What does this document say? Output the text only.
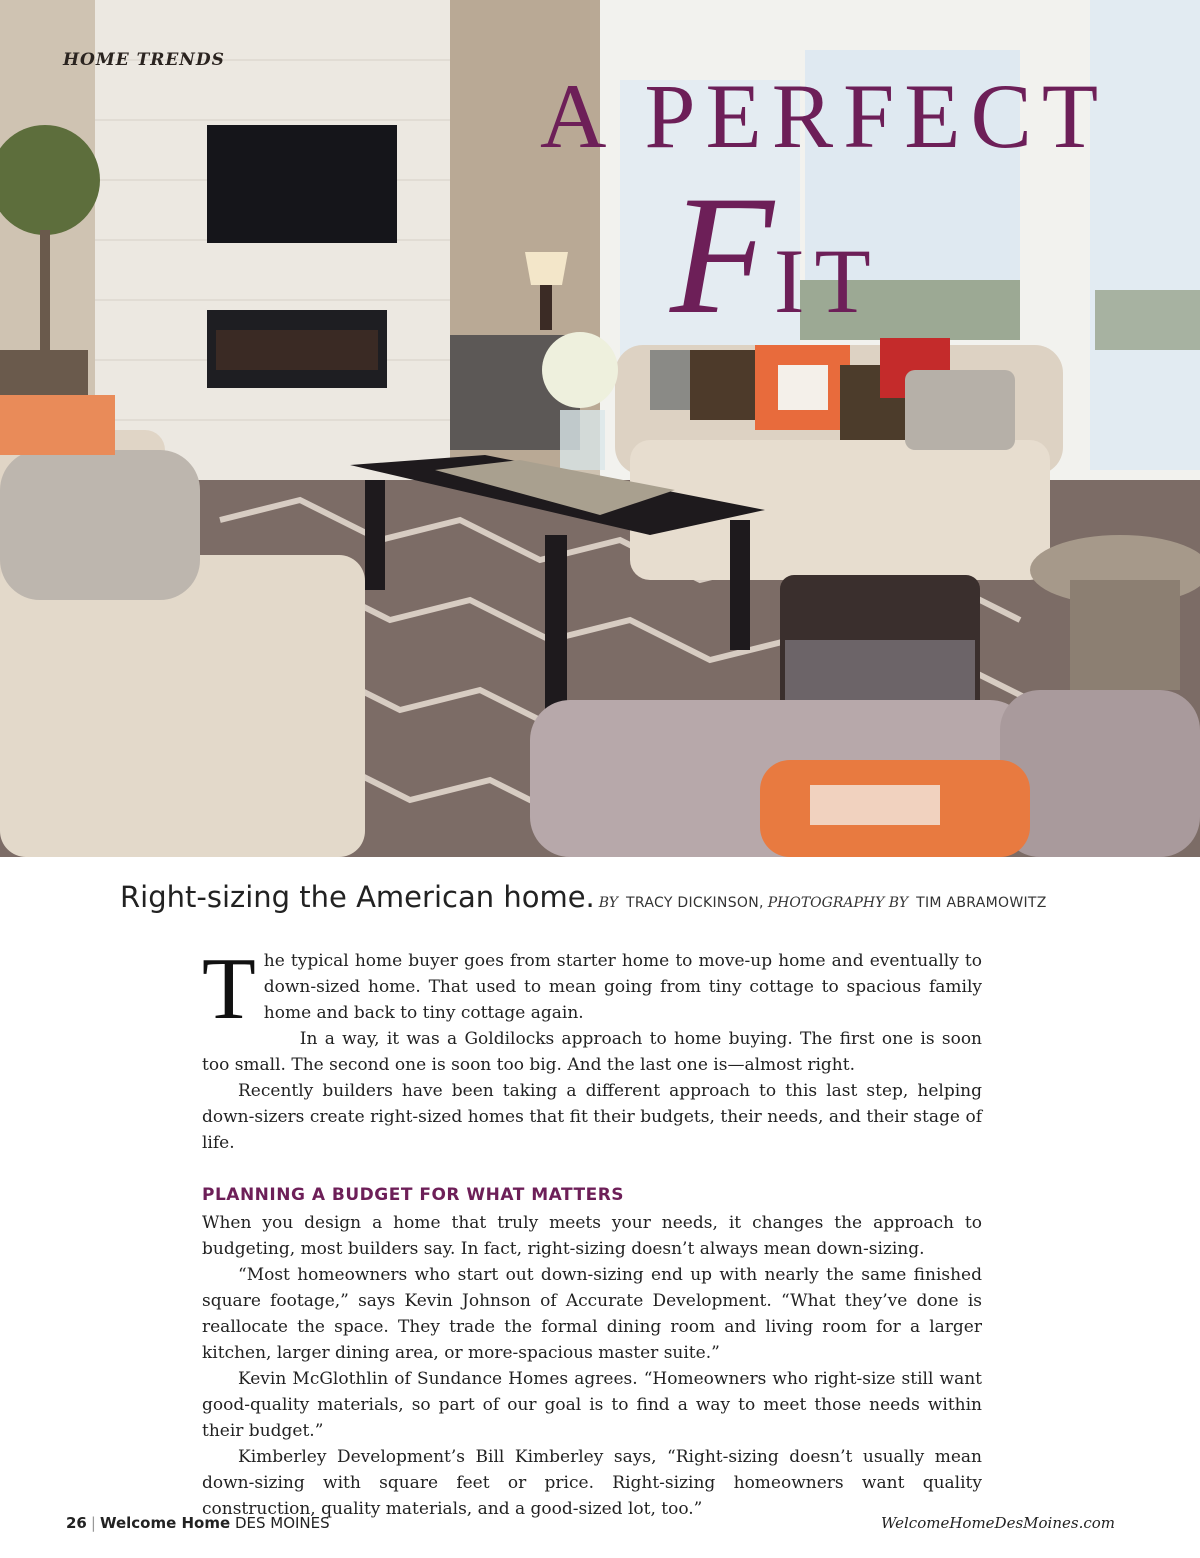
HOME TRENDS
A PERFECT
FIT
Right-sizing the American home. BY TRACY DICKINSON, PHOTOGRAPHY BY TIM ABRAMOWITZ

The typical home buyer goes from starter home to move-up home and eventually to down-sized home. That used to mean going from tiny cottage to spacious family home and back to tiny cottage again.

In a way, it was a Goldilocks approach to home buying. The first one is soon too small. The second one is soon too big. And the last one is—almost right.

Recently builders have been taking a different approach to this last step, helping down-sizers create right-sized homes that fit their budgets, their needs, and their stage of life.

PLANNING A BUDGET FOR WHAT MATTERS

When you design a home that truly meets your needs, it changes the approach to budgeting, most builders say. In fact, right-sizing doesn’t always mean down-sizing.

“Most homeowners who start out down-sizing end up with nearly the same finished square footage,” says Kevin Johnson of Accurate Development. “What they’ve done is reallocate the space. They trade the formal dining room and living room for a larger kitchen, larger dining area, or more-spacious master suite.”

Kevin McGlothlin of Sundance Homes agrees. “Homeowners who right-size still want good-quality materials, so part of our goal is to find a way to meet those needs within their budget.”

Kimberley Development’s Bill Kimberley says, “Right-sizing doesn’t usually mean down-sizing with square feet or price. Right-sizing homeowners want quality construction, quality materials, and a good-sized lot, too.”

26 | Welcome Home DES MOINES	WelcomeHomeDesMoines.com
